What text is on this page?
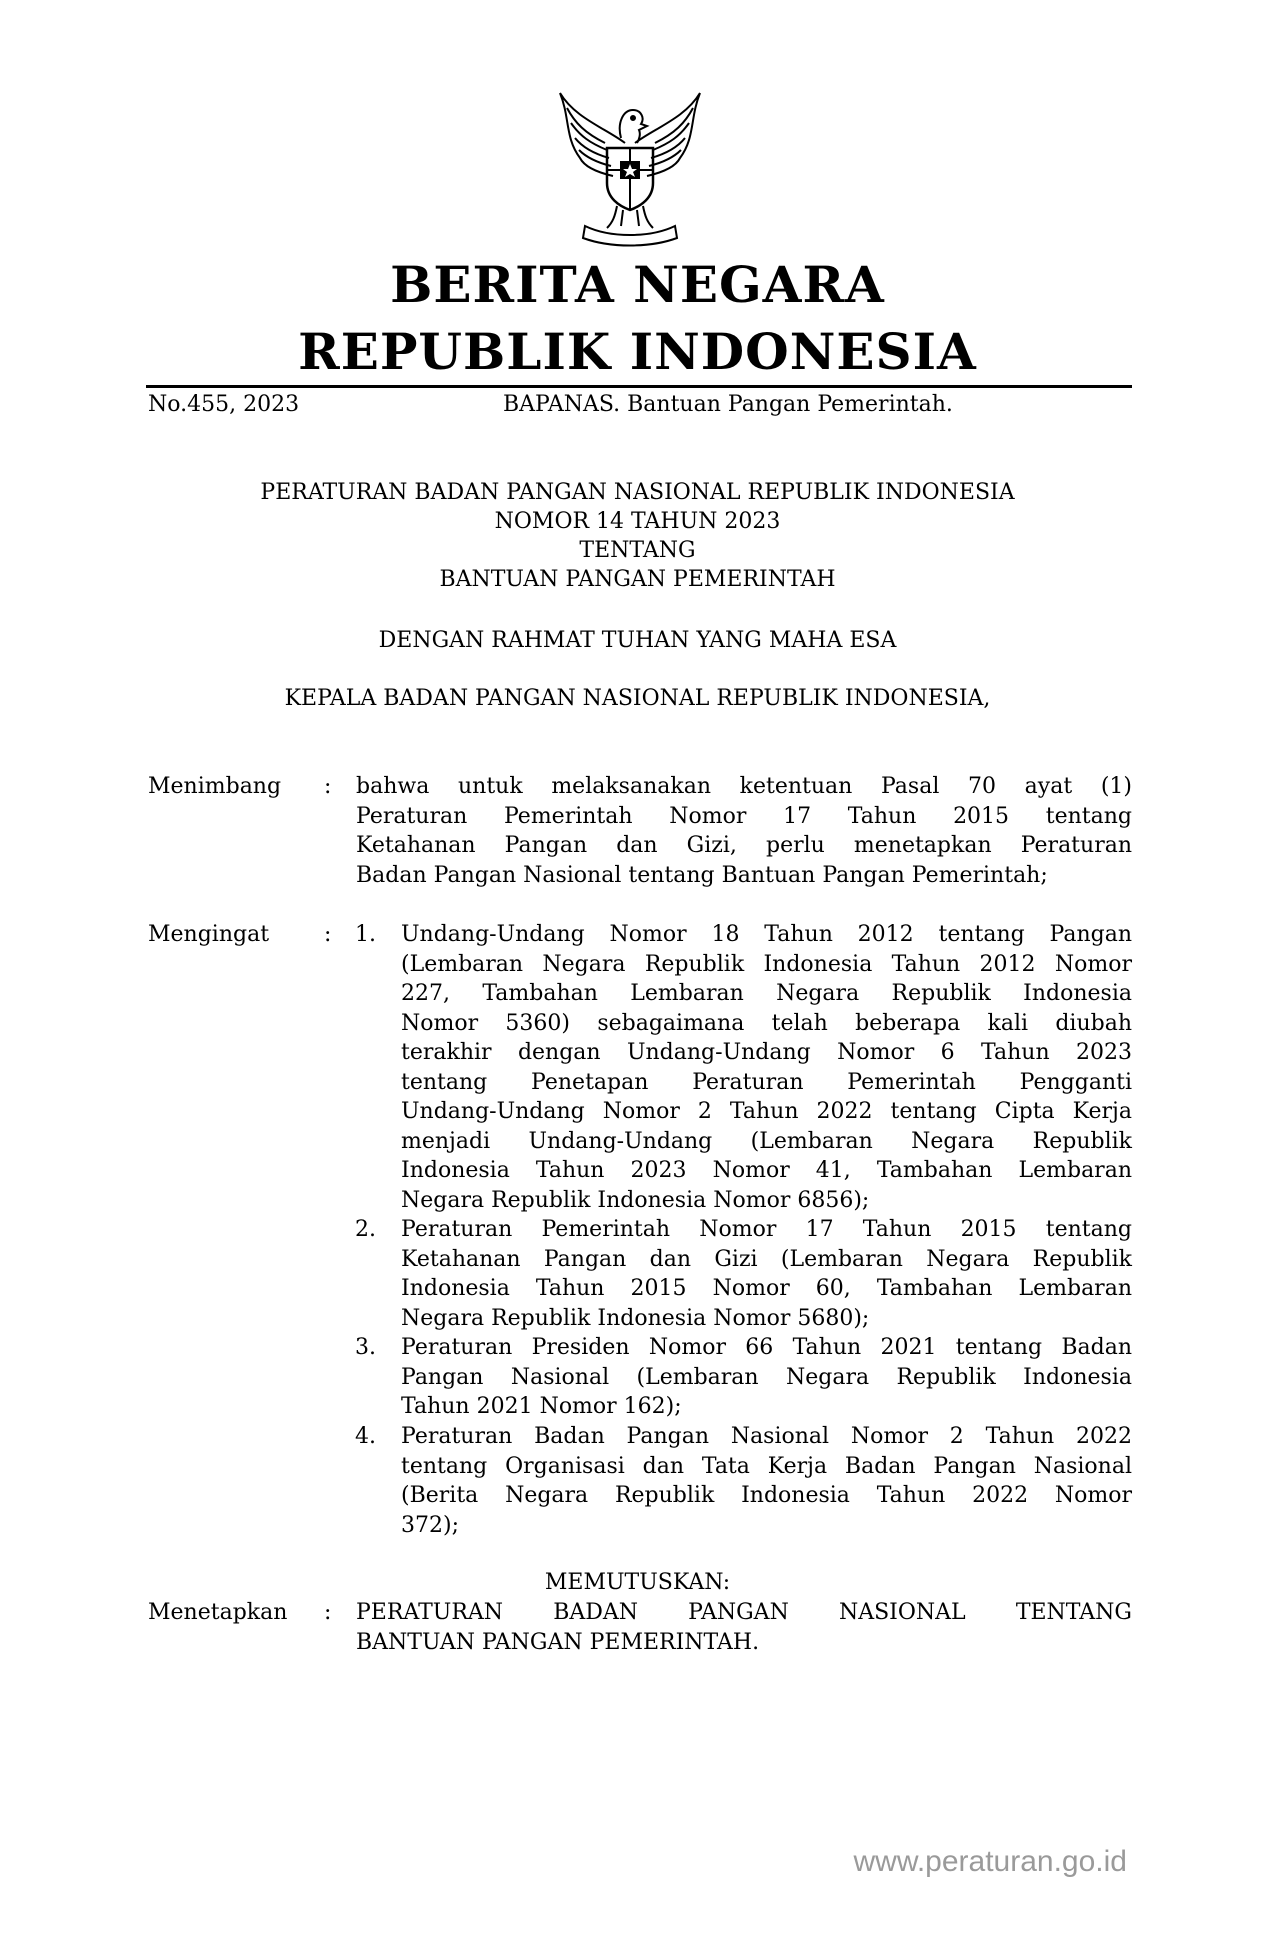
BERITA NEGARA
REPUBLIK INDONESIA
No.455, 2023	BAPANAS. Bantuan Pangan Pemerintah.
PERATURAN BADAN PANGAN NASIONAL REPUBLIK INDONESIA
NOMOR 14 TAHUN 2023
TENTANG
BANTUAN PANGAN PEMERINTAH
DENGAN RAHMAT TUHAN YANG MAHA ESA
KEPALA BADAN PANGAN NASIONAL REPUBLIK INDONESIA,
Menimbang : bahwa untuk melaksanakan ketentuan Pasal 70 ayat (1)
Peraturan Pemerintah Nomor 17 Tahun 2015 tentang
Ketahanan Pangan dan Gizi, perlu menetapkan Peraturan
Badan Pangan Nasional tentang Bantuan Pangan Pemerintah;
Mengingat : 1. Undang-Undang Nomor 18 Tahun 2012 tentang Pangan
(Lembaran Negara Republik Indonesia Tahun 2012 Nomor
227, Tambahan Lembaran Negara Republik Indonesia
Nomor 5360) sebagaimana telah beberapa kali diubah
terakhir dengan Undang-Undang Nomor 6 Tahun 2023
tentang Penetapan Peraturan Pemerintah Pengganti
Undang-Undang Nomor 2 Tahun 2022 tentang Cipta Kerja
menjadi Undang-Undang (Lembaran Negara Republik
Indonesia Tahun 2023 Nomor 41, Tambahan Lembaran
Negara Republik Indonesia Nomor 6856);
2. Peraturan Pemerintah Nomor 17 Tahun 2015 tentang
Ketahanan Pangan dan Gizi (Lembaran Negara Republik
Indonesia Tahun 2015 Nomor 60, Tambahan Lembaran
Negara Republik Indonesia Nomor 5680);
3. Peraturan Presiden Nomor 66 Tahun 2021 tentang Badan
Pangan Nasional (Lembaran Negara Republik Indonesia
Tahun 2021 Nomor 162);
4. Peraturan Badan Pangan Nasional Nomor 2 Tahun 2022
tentang Organisasi dan Tata Kerja Badan Pangan Nasional
(Berita Negara Republik Indonesia Tahun 2022 Nomor
372);
MEMUTUSKAN:
Menetapkan : PERATURAN BADAN PANGAN NASIONAL TENTANG
BANTUAN PANGAN PEMERINTAH.
www.peraturan.go.id
